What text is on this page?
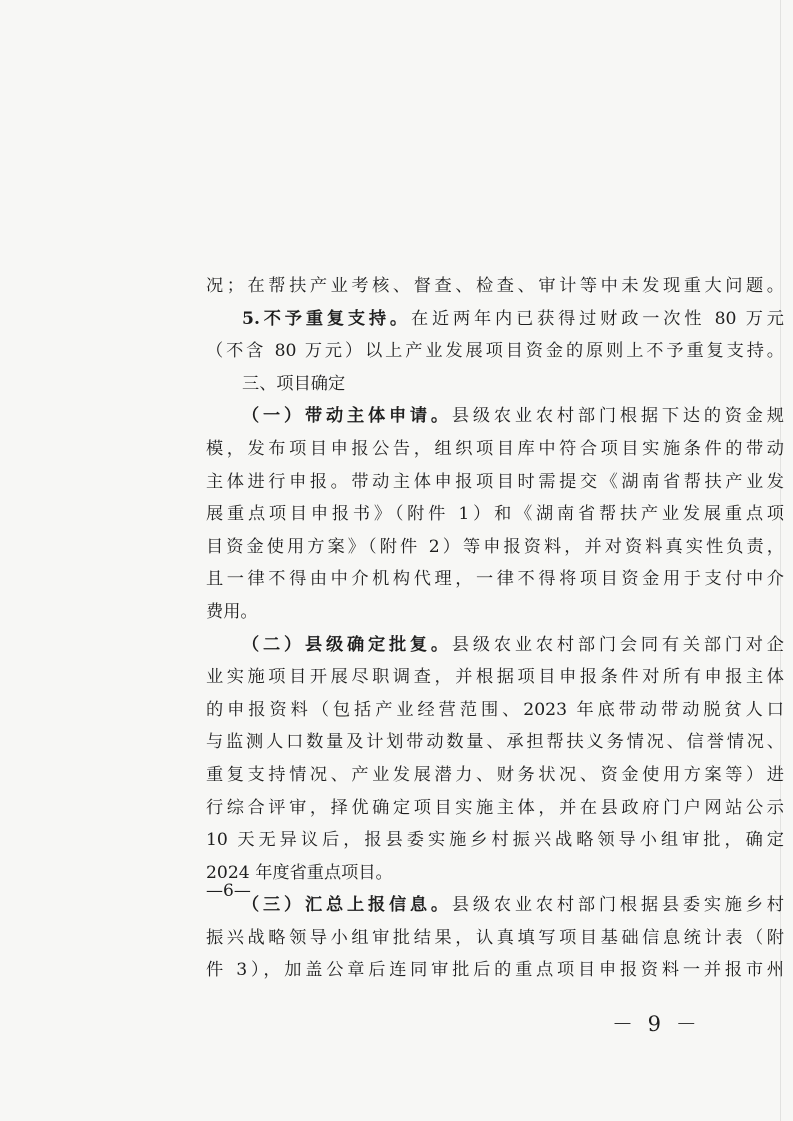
况；在帮扶产业考核、督查、检查、审计等中未发现重大问题。
5.不予重复支持。在近两年内已获得过财政一次性 80 万元
（不含 80 万元）以上产业发展项目资金的原则上不予重复支持。
三、项目确定
（一）带动主体申请。县级农业农村部门根据下达的资金规
模，发布项目申报公告，组织项目库中符合项目实施条件的带动
主体进行申报。带动主体申报项目时需提交《湖南省帮扶产业发
展重点项目申报书》（附件 1）和《湖南省帮扶产业发展重点项
目资金使用方案》（附件 2）等申报资料，并对资料真实性负责，
且一律不得由中介机构代理，一律不得将项目资金用于支付中介
费用。
（二）县级确定批复。县级农业农村部门会同有关部门对企
业实施项目开展尽职调查，并根据项目申报条件对所有申报主体
的申报资料（包括产业经营范围、2023 年底带动带动脱贫人口
与监测人口数量及计划带动数量、承担帮扶义务情况、信誉情况、
重复支持情况、产业发展潜力、财务状况、资金使用方案等）进
行综合评审，择优确定项目实施主体，并在县政府门户网站公示
10 天无异议后，报县委实施乡村振兴战略领导小组审批，确定
2024 年度省重点项目。
（三）汇总上报信息。县级农业农村部门根据县委实施乡村
振兴战略领导小组审批结果，认真填写项目基础信息统计表（附
件 3），加盖公章后连同审批后的重点项目申报资料一并报市州
—6—
－ 9 －
